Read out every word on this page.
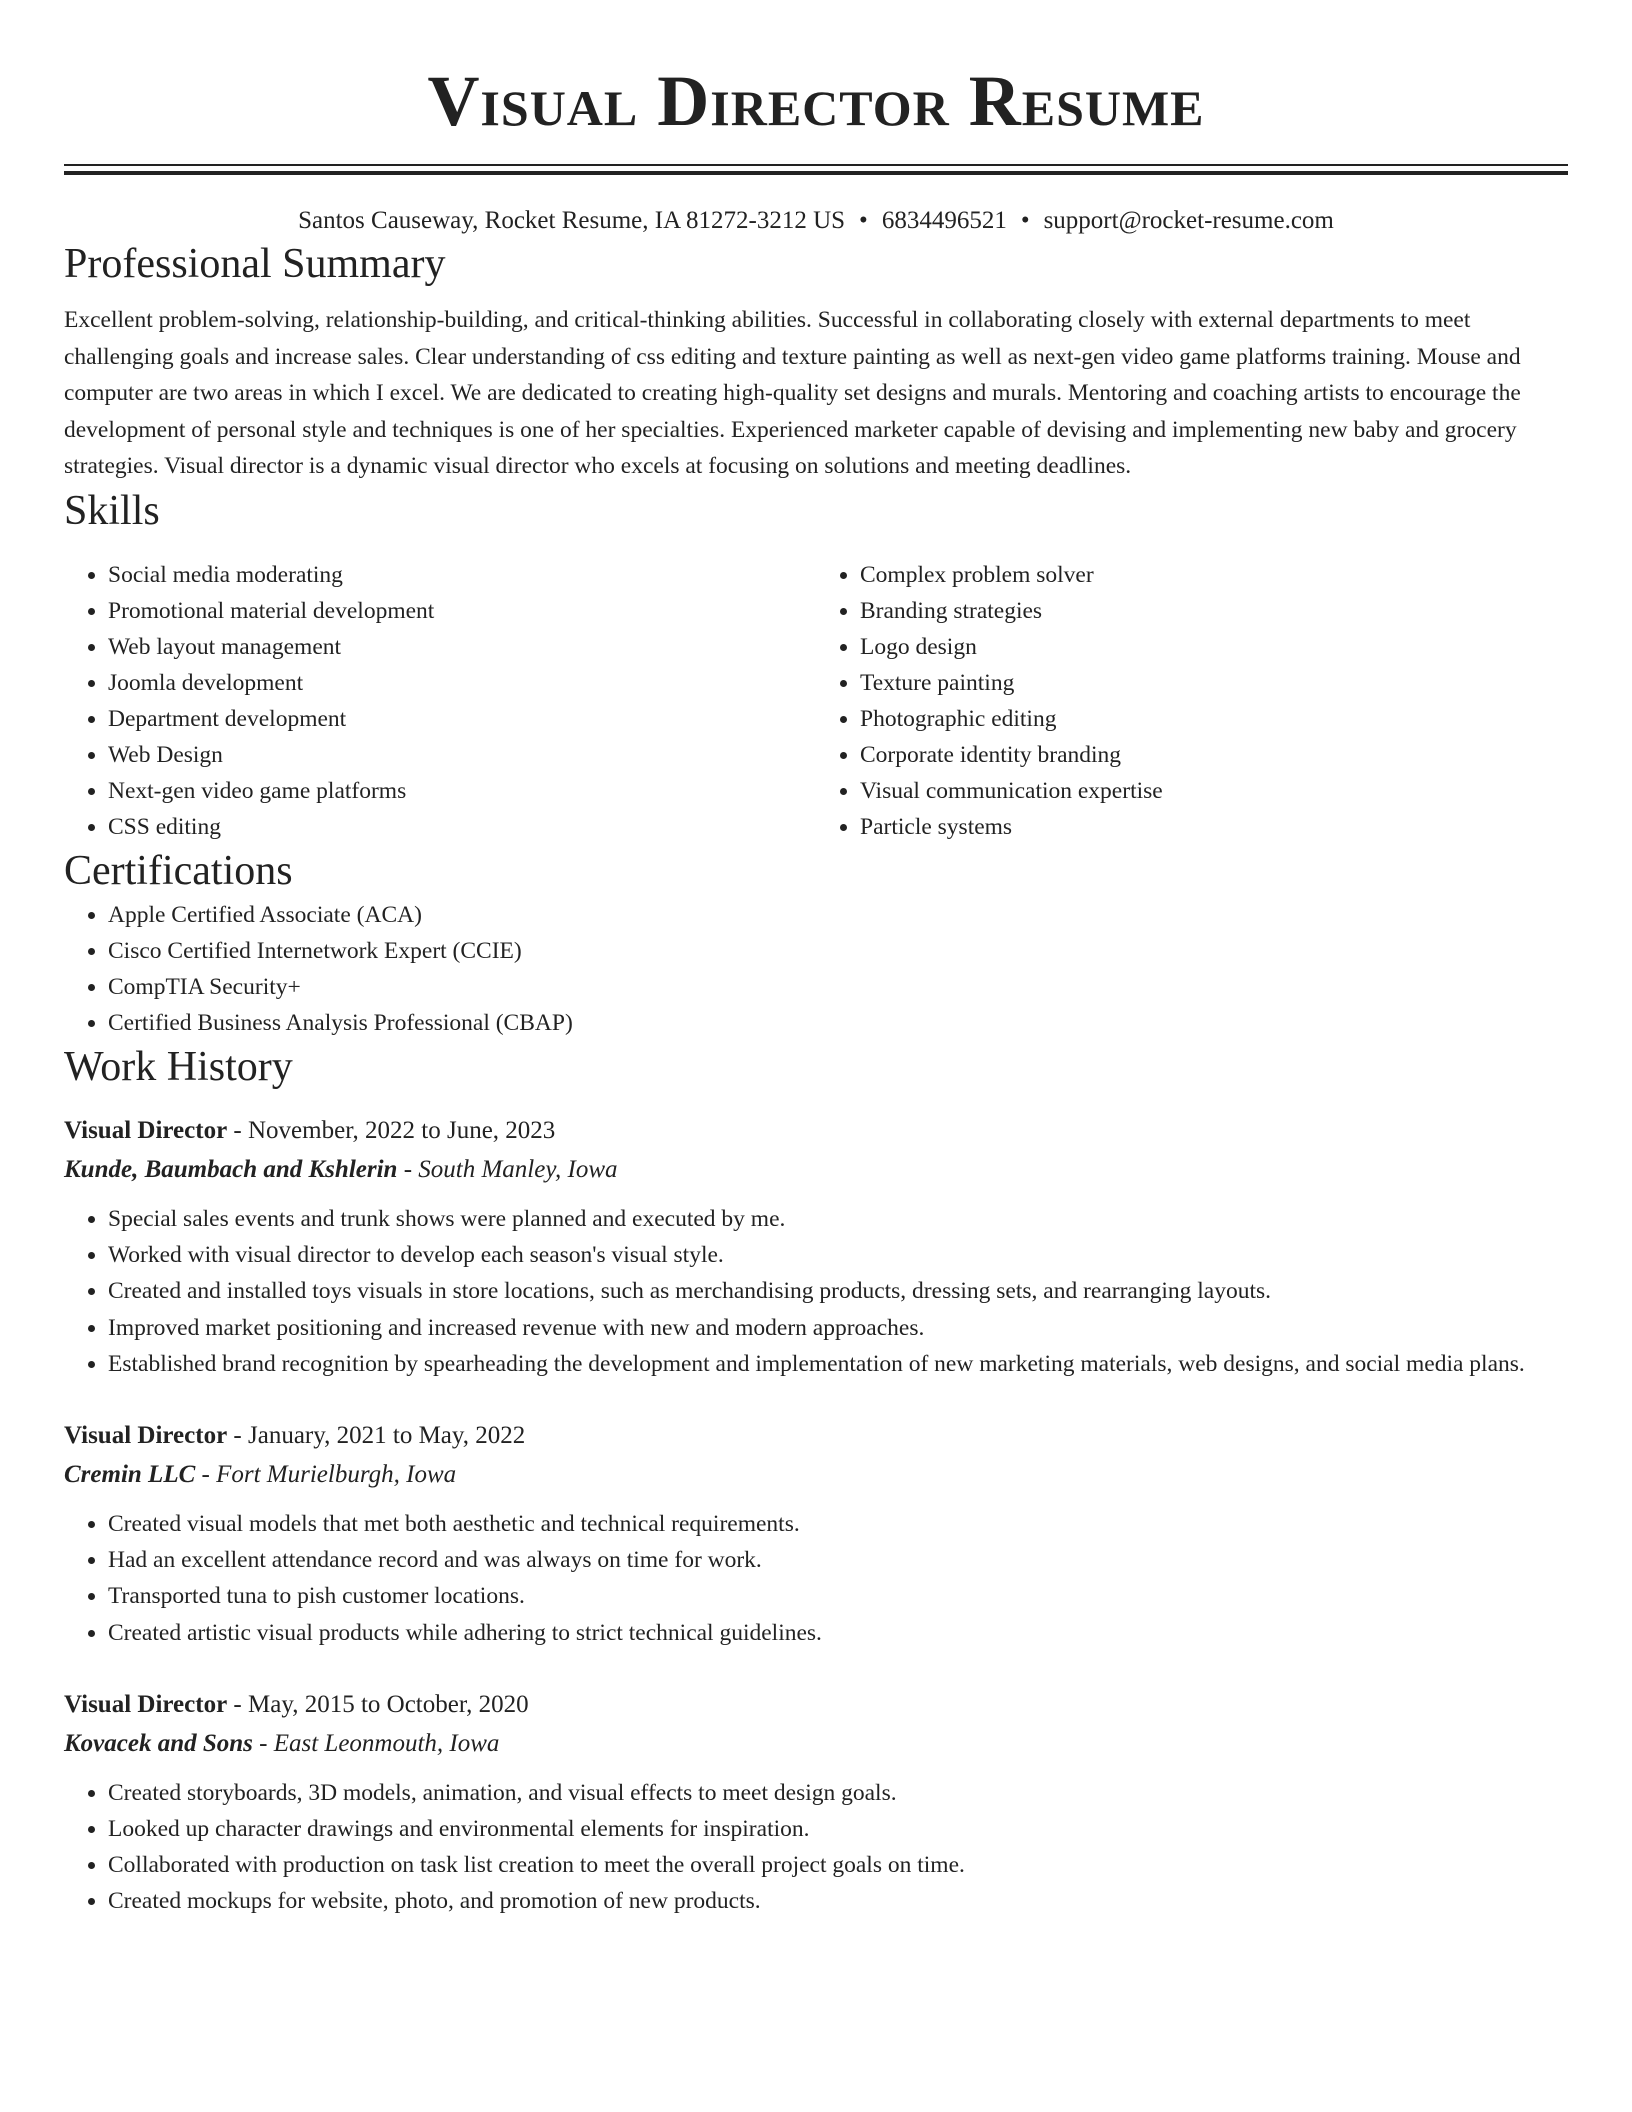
Visual Director Resume
Santos Causeway, Rocket Resume, IA 81272-3212 US • 6834496521 • support@rocket-resume.com
Professional Summary

Excellent problem-solving, relationship-building, and critical-thinking abilities. Successful in collaborating closely with external departments to meet challenging goals and increase sales. Clear understanding of css editing and texture painting as well as next-gen video game platforms training. Mouse and computer are two areas in which I excel. We are dedicated to creating high-quality set designs and murals. Mentoring and coaching artists to encourage the development of personal style and techniques is one of her specialties. Experienced marketer capable of devising and implementing new baby and grocery strategies. Visual director is a dynamic visual director who excels at focusing on solutions and meeting deadlines.

Skills
• Social media moderating
• Promotional material development
• Web layout management
• Joomla development
• Department development
• Web Design
• Next-gen video game platforms
• CSS editing
• Complex problem solver
• Branding strategies
• Logo design
• Texture painting
• Photographic editing
• Corporate identity branding
• Visual communication expertise
• Particle systems
Certifications
• Apple Certified Associate (ACA)
• Cisco Certified Internetwork Expert (CCIE)
• CompTIA Security+
• Certified Business Analysis Professional (CBAP)
Work History
Visual Director - November, 2022 to June, 2023
Kunde, Baumbach and Kshlerin - South Manley, Iowa
• Special sales events and trunk shows were planned and executed by me.
• Worked with visual director to develop each season's visual style.
• Created and installed toys visuals in store locations, such as merchandising products, dressing sets, and rearranging layouts.
• Improved market positioning and increased revenue with new and modern approaches.
• Established brand recognition by spearheading the development and implementation of new marketing materials, web designs, and social media plans.
Visual Director - January, 2021 to May, 2022
Cremin LLC - Fort Murielburgh, Iowa
• Created visual models that met both aesthetic and technical requirements.
• Had an excellent attendance record and was always on time for work.
• Transported tuna to pish customer locations.
• Created artistic visual products while adhering to strict technical guidelines.
Visual Director - May, 2015 to October, 2020
Kovacek and Sons - East Leonmouth, Iowa
• Created storyboards, 3D models, animation, and visual effects to meet design goals.
• Looked up character drawings and environmental elements for inspiration.
• Collaborated with production on task list creation to meet the overall project goals on time.
• Created mockups for website, photo, and promotion of new products.
